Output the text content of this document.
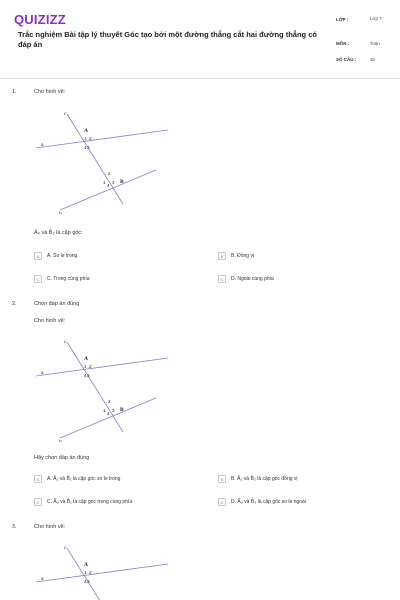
QUIZIZZ
Trắc nghiệm Bài tập lý thuyết Góc tạo bởi một đường thẳng cắt hai đường thẳng có đáp án
LỚP :	Lớp 7
MÔN :	Toán
SỐ CÂU :	10
1.	Cho hình vẽ:
A
1 2
4 3
B
2
1
4
3
a
b
c
Â₄ và B̂₂ là cặp góc:
A	A. So le trong	B	B. Đồng vị
C	C. Trong cùng phía	D	D. Ngoài cùng phía
2.	Chọn đáp án đúng
Cho hình vẽ:
A
1 2
4 3
B
2
1
4
3
a
b
c
Hãy chọn đáp án đúng
A	A. Â₂ và B̂₁ là cặp góc so le trong	B	B. Â₂ và B̂₃ là cặp góc đồng vị
C	C. Â₄ và B̂₁ là cặp góc trong cùng phía	D	D. Â₄ và B̂₃ là cặp góc so le ngoài
3.	Cho hình vẽ:
A
1 2
4 3
a
c
